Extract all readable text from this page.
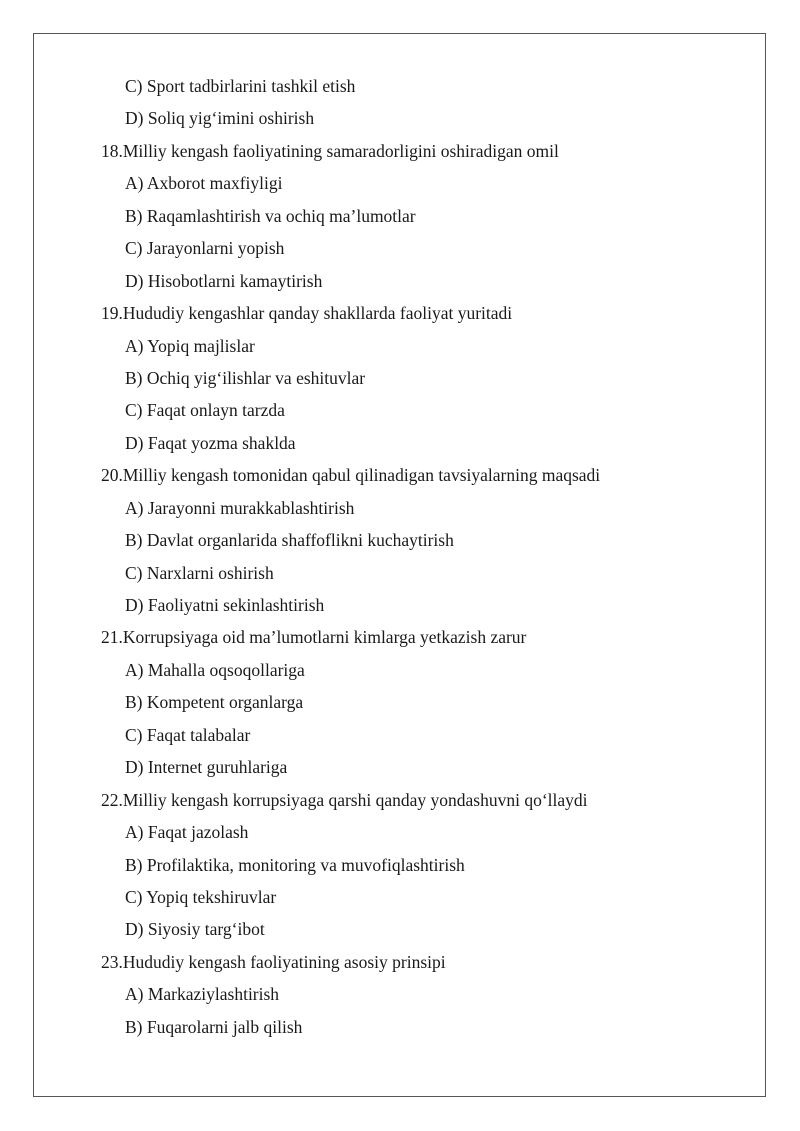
C) Sport tadbirlarini tashkil etish
D) Soliq yig‘imini oshirish
18.Milliy kengash faoliyatining samaradorligini oshiradigan omil
A) Axborot maxfiyligi
B) Raqamlashtirish va ochiq ma’lumotlar
C) Jarayonlarni yopish
D) Hisobotlarni kamaytirish
19.Hududiy kengashlar qanday shakllarda faoliyat yuritadi
A) Yopiq majlislar
B) Ochiq yig‘ilishlar va eshituvlar
C) Faqat onlayn tarzda
D) Faqat yozma shaklda
20.Milliy kengash tomonidan qabul qilinadigan tavsiyalarning maqsadi
A) Jarayonni murakkablashtirish
B) Davlat organlarida shaffoflikni kuchaytirish
C) Narxlarni oshirish
D) Faoliyatni sekinlashtirish
21.Korrupsiyaga oid ma’lumotlarni kimlarga yetkazish zarur
A) Mahalla oqsoqollariga
B) Kompetent organlarga
C) Faqat talabalar
D) Internet guruhlariga
22.Milliy kengash korrupsiyaga qarshi qanday yondashuvni qo‘llaydi
A) Faqat jazolash
B) Profilaktika, monitoring va muvofiqlashtirish
C) Yopiq tekshiruvlar
D) Siyosiy targ‘ibot
23.Hududiy kengash faoliyatining asosiy prinsipi
A) Markaziylashtirish
B) Fuqarolarni jalb qilish
